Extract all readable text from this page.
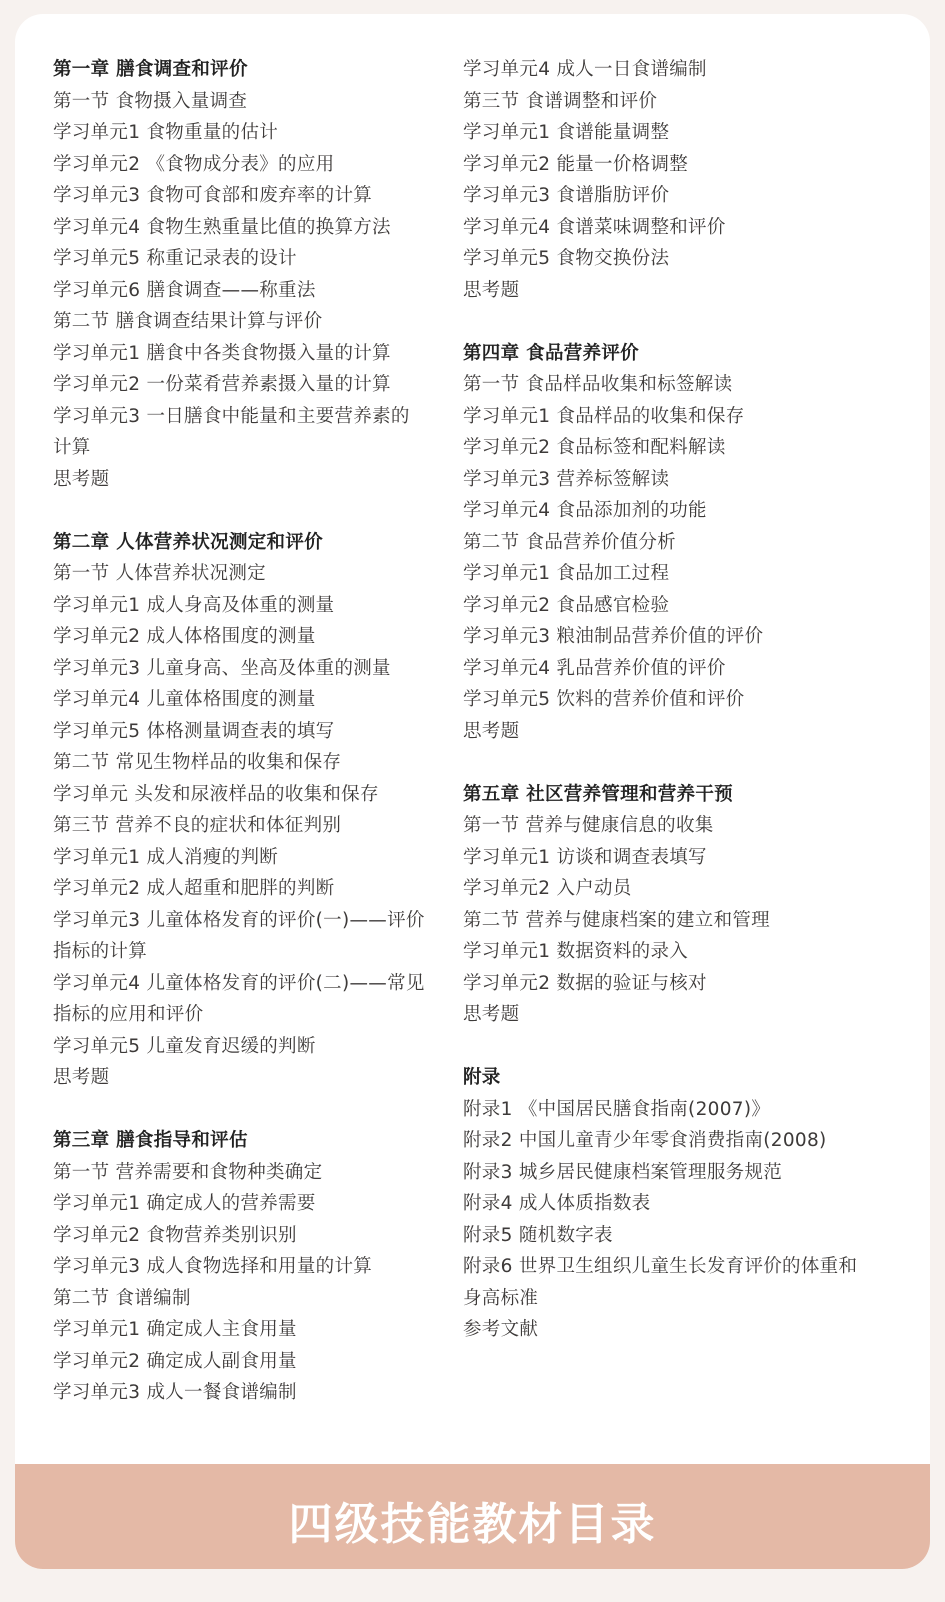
第一章 膳食调查和评价
第一节 食物摄入量调查
学习单元1 食物重量的估计
学习单元2 《食物成分表》的应用
学习单元3 食物可食部和废弃率的计算
学习单元4 食物生熟重量比值的换算方法
学习单元5 称重记录表的设计
学习单元6 膳食调查——称重法
第二节 膳食调查结果计算与评价
学习单元1 膳食中各类食物摄入量的计算
学习单元2 一份菜肴营养素摄入量的计算
学习单元3 一日膳食中能量和主要营养素的
计算
思考题
第二章 人体营养状况测定和评价
第一节 人体营养状况测定
学习单元1 成人身高及体重的测量
学习单元2 成人体格围度的测量
学习单元3 儿童身高、坐高及体重的测量
学习单元4 儿童体格围度的测量
学习单元5 体格测量调查表的填写
第二节 常见生物样品的收集和保存
学习单元 头发和尿液样品的收集和保存
第三节 营养不良的症状和体征判别
学习单元1 成人消瘦的判断
学习单元2 成人超重和肥胖的判断
学习单元3 儿童体格发育的评价(一)——评价
指标的计算
学习单元4 儿童体格发育的评价(二)——常见
指标的应用和评价
学习单元5 儿童发育迟缓的判断
思考题
第三章 膳食指导和评估
第一节 营养需要和食物种类确定
学习单元1 确定成人的营养需要
学习单元2 食物营养类别识别
学习单元3 成人食物选择和用量的计算
第二节 食谱编制
学习单元1 确定成人主食用量
学习单元2 确定成人副食用量
学习单元3 成人一餐食谱编制
学习单元4 成人一日食谱编制
第三节 食谱调整和评价
学习单元1 食谱能量调整
学习单元2 能量一价格调整
学习单元3 食谱脂肪评价
学习单元4 食谱菜味调整和评价
学习单元5 食物交换份法
思考题
第四章 食品营养评价
第一节 食品样品收集和标签解读
学习单元1 食品样品的收集和保存
学习单元2 食品标签和配料解读
学习单元3 营养标签解读
学习单元4 食品添加剂的功能
第二节 食品营养价值分析
学习单元1 食品加工过程
学习单元2 食品感官检验
学习单元3 粮油制品营养价值的评价
学习单元4 乳品营养价值的评价
学习单元5 饮料的营养价值和评价
思考题
第五章 社区营养管理和营养干预
第一节 营养与健康信息的收集
学习单元1 访谈和调查表填写
学习单元2 入户动员
第二节 营养与健康档案的建立和管理
学习单元1 数据资料的录入
学习单元2 数据的验证与核对
思考题
附录
附录1 《中国居民膳食指南(2007)》
附录2 中国儿童青少年零食消费指南(2008)
附录3 城乡居民健康档案管理服务规范
附录4 成人体质指数表
附录5 随机数字表
附录6 世界卫生组织儿童生长发育评价的体重和
身高标准
参考文献
四级技能教材目录
